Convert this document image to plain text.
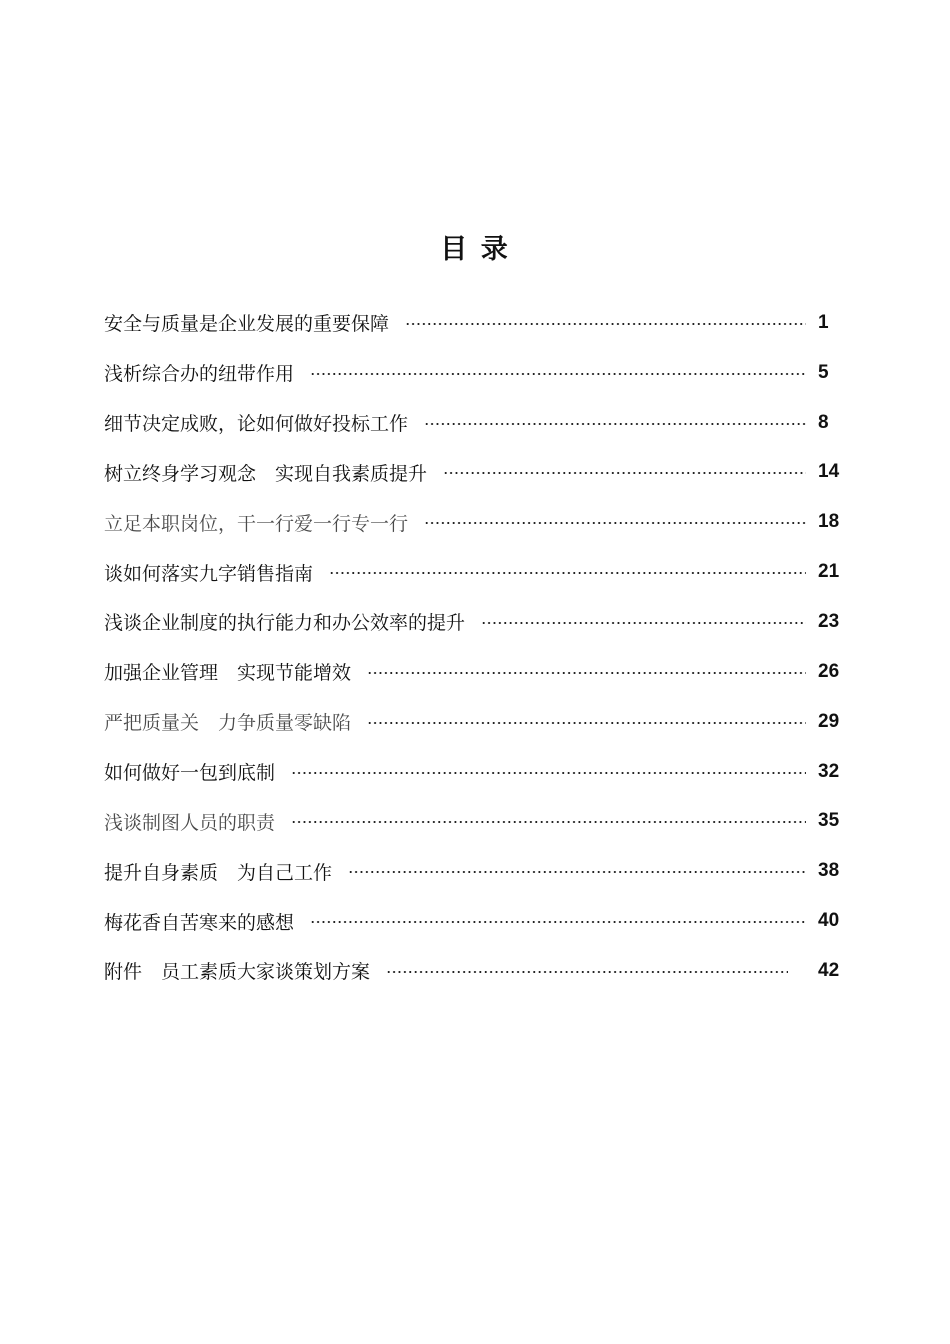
目 录
安全与质量是企业发展的重要保障	1
浅析综合办的纽带作用	5
细节决定成败，论如何做好投标工作	8
树立终身学习观念　实现自我素质提升	14
立足本职岗位，干一行爱一行专一行	18
谈如何落实九字销售指南	21
浅谈企业制度的执行能力和办公效率的提升	23
加强企业管理　实现节能增效	26
严把质量关　力争质量零缺陷	29
如何做好一包到底制	32
浅谈制图人员的职责	35
提升自身素质　为自己工作	38
梅花香自苦寒来的感想	40
附件　员工素质大家谈策划方案	42
